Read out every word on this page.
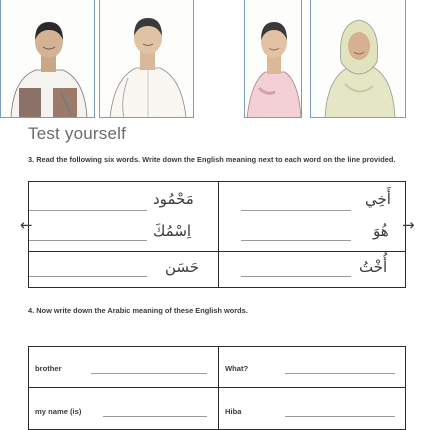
Test yourself
3. Read the following six words. Write down the English meaning next to each word on the line provided.
مَحْمُود	أَخِي
اِسْمُكَ	هُوَ
حَسَن	أُخْتُ
←	→
4. Now write down the Arabic meaning of these English words.
brother	What?
my name (is)	Hiba
